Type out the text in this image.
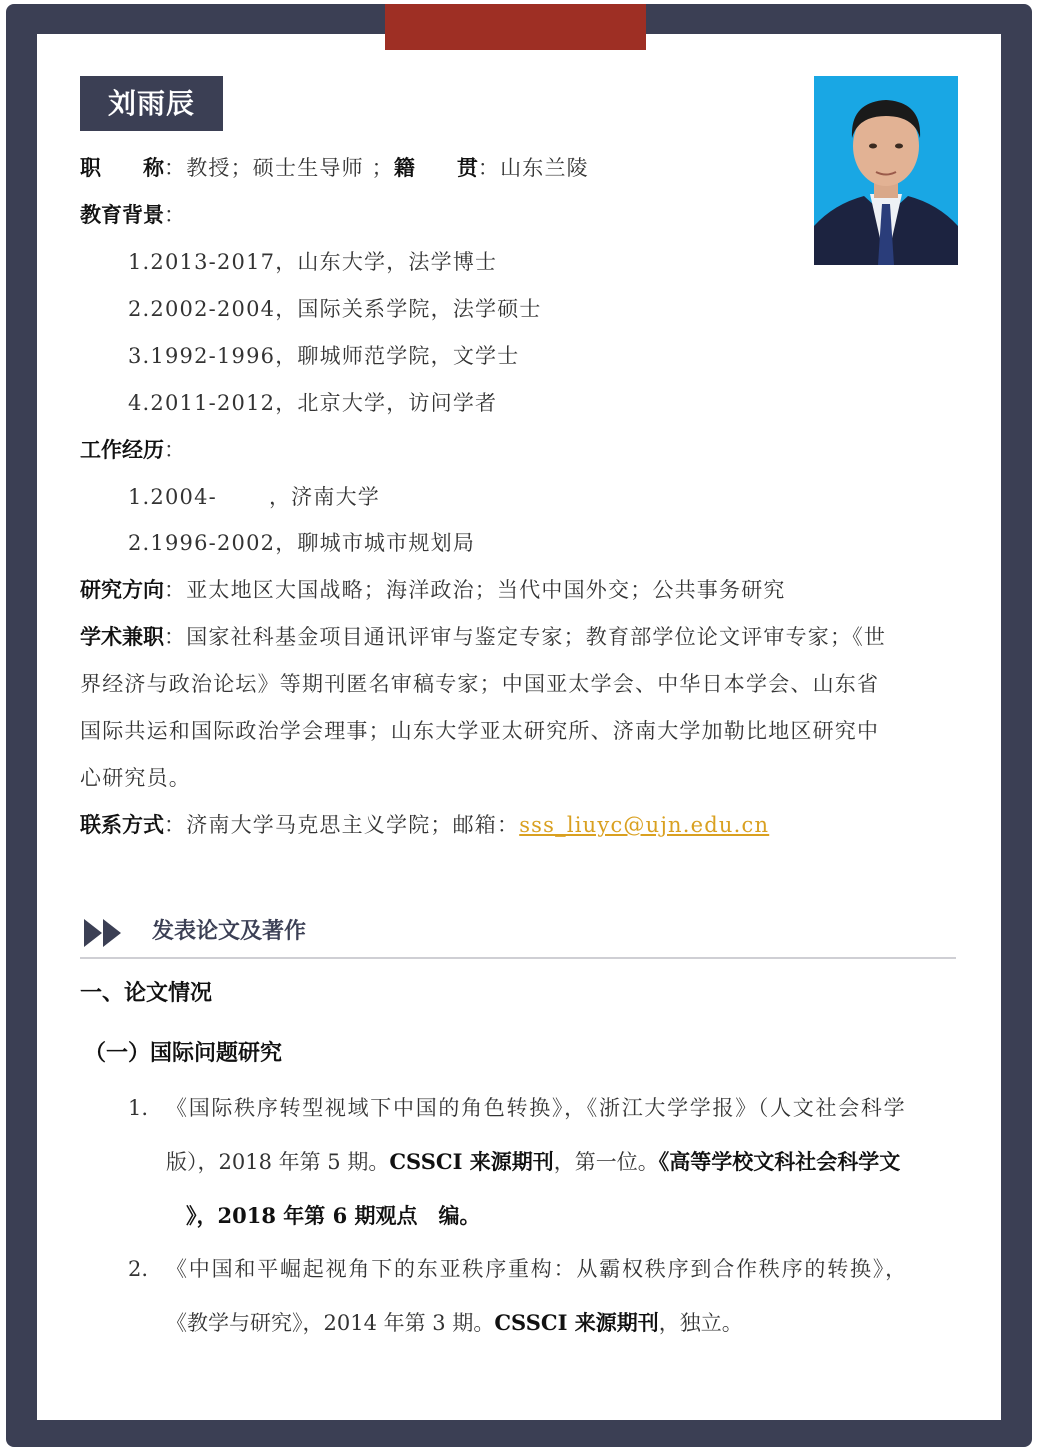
刘雨辰
职　　称：教授；硕士生导师 ；籍　　贯：山东兰陵
教育背景：
1.2013-2017，山东大学，法学博士
2.2002-2004，国际关系学院，法学硕士
3.1992-1996，聊城师范学院，文学士
4.2011-2012，北京大学，访问学者
工作经历：
1.2004- ，济南大学
2.1996-2002，聊城市城市规划局
研究方向：亚太地区大国战略；海洋政治；当代中国外交；公共事务研究
学术兼职：国家社科基金项目通讯评审与鉴定专家；教育部学位论文评审专家；《世
界经济与政治论坛》等期刊匿名审稿专家；中国亚太学会、中华日本学会、山东省
国际共运和国际政治学会理事；山东大学亚太研究所、济南大学加勒比地区研究中
心研究员。
联系方式：济南大学马克思主义学院；邮箱：sss_liuyc@ujn.edu.cn
发表论文及著作
一、论文情况
（一）国际问题研究
1. 《国际秩序转型视域下中国的角色转换》，《浙江大学学报》（人文社会科学
版），2018 年第 5 期。CSSCI 来源期刊，第一位。《高等学校文科社会科学文
》，2018 年第 6 期观点　编。
2. 《中国和平崛起视角下的东亚秩序重构：从霸权秩序到合作秩序的转换》，
《教学与研究》，2014 年第 3 期。CSSCI 来源期刊，独立。
